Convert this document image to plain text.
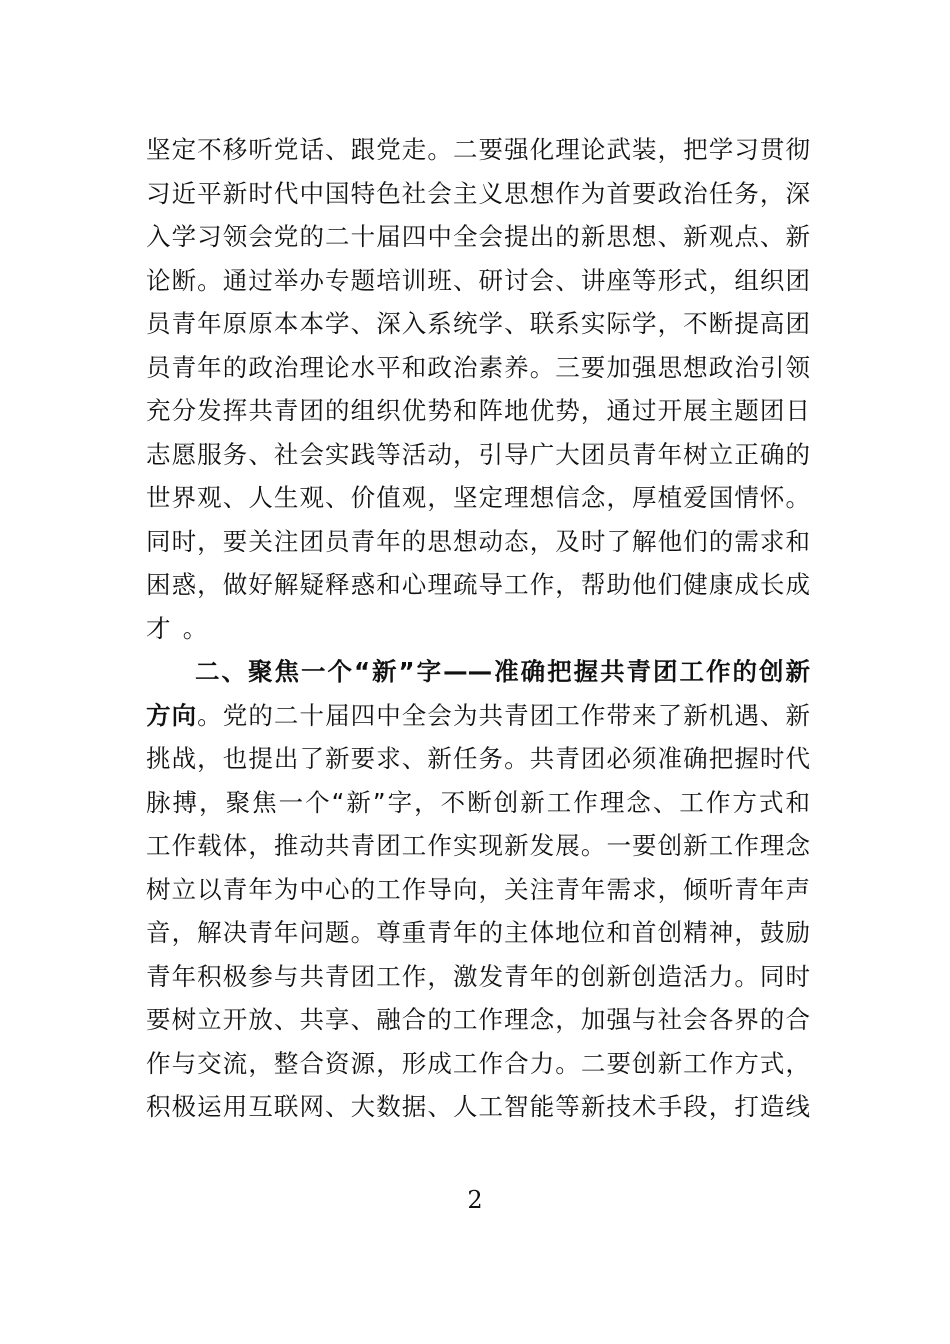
坚定不移听党话、跟党走。二要强化理论武装，把学习贯彻
习近平新时代中国特色社会主义思想作为首要政治任务，深
入学习领会党的二十届四中全会提出的新思想、新观点、新
论断。通过举办专题培训班、研讨会、讲座等形式，组织团
员青年原原本本学、深入系统学、联系实际学，不断提高团
员青年的政治理论水平和政治素养。三要加强思想政治引领
充分发挥共青团的组织优势和阵地优势，通过开展主题团日
志愿服务、社会实践等活动，引导广大团员青年树立正确的
世界观、人生观、价值观，坚定理想信念，厚植爱国情怀。
同时，要关注团员青年的思想动态，及时了解他们的需求和
困惑，做好解疑释惑和心理疏导工作，帮助他们健康成长成
才。
二、聚焦一个“新”字——准确把握共青团工作的创新
方向。党的二十届四中全会为共青团工作带来了新机遇、新
挑战，也提出了新要求、新任务。共青团必须准确把握时代
脉搏，聚焦一个“新”字，不断创新工作理念、工作方式和
工作载体，推动共青团工作实现新发展。一要创新工作理念
树立以青年为中心的工作导向，关注青年需求，倾听青年声
音，解决青年问题。尊重青年的主体地位和首创精神，鼓励
青年积极参与共青团工作，激发青年的创新创造活力。同时
要树立开放、共享、融合的工作理念，加强与社会各界的合
作与交流，整合资源，形成工作合力。二要创新工作方式，
积极运用互联网、大数据、人工智能等新技术手段，打造线
2
